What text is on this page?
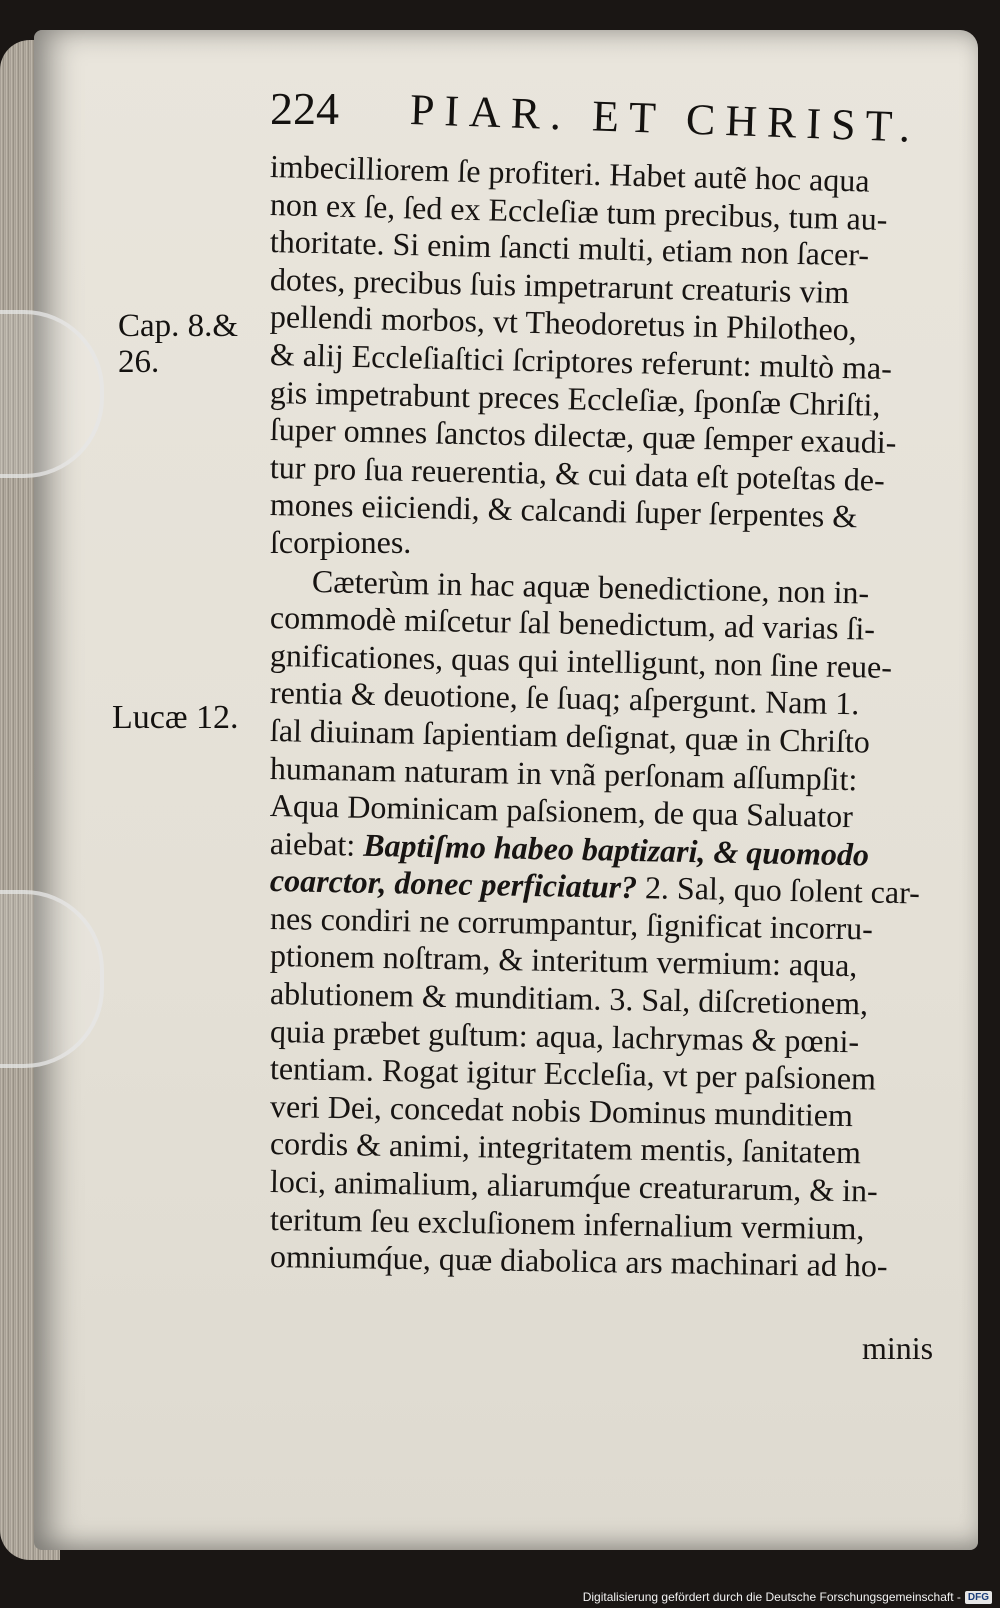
224 PIAR. ET CHRIST.
Cap. 8.&
26.
Lucæ 12.
imbecilliorem ſe profiteri. Habet autẽ hoc aqua
non ex ſe, ſed ex Eccleſiæ tum precibus, tum au-
thoritate. Si enim ſancti multi, etiam non ſacer-
dotes, precibus ſuis impetrarunt creaturis vim
pellendi morbos, vt Theodoretus in Philotheo,
& alij Eccleſiaſtici ſcriptores referunt: multò ma-
gis impetrabunt preces Eccleſiæ, ſponſæ Chriſti,
ſuper omnes ſanctos dilectæ, quæ ſemper exaudi-
tur pro ſua reuerentia, & cui data eſt poteſtas de-
mones eiiciendi, & calcandi ſuper ſerpentes &
ſcorpiones.
Cæterùm in hac aquæ benedictione, non in-
commodè miſcetur ſal benedictum, ad varias ſi-
gnificationes, quas qui intelligunt, non ſine reue-
rentia & deuotione, ſe ſuaq; aſpergunt. Nam 1.
ſal diuinam ſapientiam deſignat, quæ in Chriſto
humanam naturam in vnã perſonam aſſumpſit:
Aqua Dominicam paſsionem, de qua Saluator
aiebat: Baptiſmo habeo baptizari, & quomodo
coarctor, donec perficiatur? 2. Sal, quo ſolent car-
nes condiri ne corrumpantur, ſignificat incorru-
ptionem noſtram, & interitum vermium: aqua,
ablutionem & munditiam. 3. Sal, diſcretionem,
quia præbet guſtum: aqua, lachrymas & pœni-
tentiam. Rogat igitur Eccleſia, vt per paſsionem
veri Dei, concedat nobis Dominus munditiem
cordis & animi, integritatem mentis, ſanitatem
loci, animalium, aliarumq́ue creaturarum, & in-
teritum ſeu excluſionem infernalium vermium,
omniumq́ue, quæ diabolica ars machinari ad ho-
minis
Digitalisierung gefördert durch die Deutsche Forschungsgemeinschaft - DFG
